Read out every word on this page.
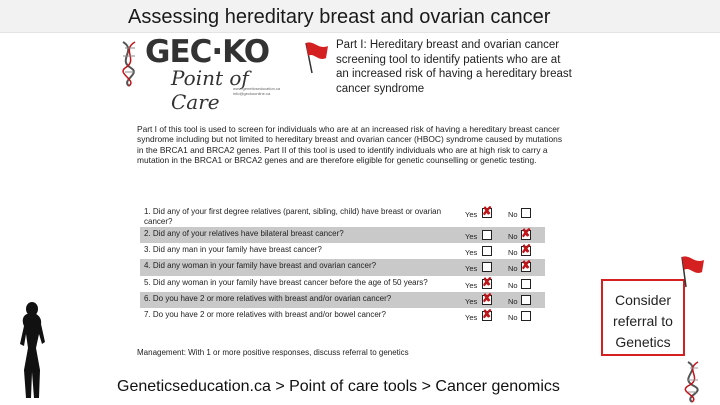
Assessing hereditary breast and ovarian cancer
GEC·KO
Point of Care
www.geneticseducation.ca info@geckoonline.ca
Part I: Hereditary breast and ovarian cancer screening tool to identify patients who are at an increased risk of having a hereditary breast cancer syndrome
Part I of this tool is used to screen for individuals who are at an increased risk of having a hereditary breast cancer syndrome including but not limited to hereditary breast and ovarian cancer (HBOC) syndrome caused by mutations in the BRCA1 and BRCA2 genes. Part II of this tool is used to identify individuals who are at high risk to carry a mutation in the BRCA1 or BRCA2 genes and are therefore eligible for genetic counselling or genetic testing.
1. Did any of your first degree relatives (parent, sibling, child) have breast or ovarian cancer?
Yes ✘ No
2. Did any of your relatives have bilateral breast cancer?	Yes	No ✘
3. Did any man in your family have breast cancer?	Yes	No ✘
4. Did any woman in your family have breast and ovarian cancer?	Yes	No ✘
5. Did any woman in your family have breast cancer before the age of 50 years?	Yes ✘ No
6. Do you have 2 or more relatives with breast and/or ovarian cancer?	Yes ✘ No
7. Do you have 2 or more relatives with breast and/or bowel cancer?	Yes ✘ No
Management: With 1 or more positive responses, discuss referral to genetics
Geneticseducation.ca > Point of care tools > Cancer genomics
Consider
referral to
Genetics
